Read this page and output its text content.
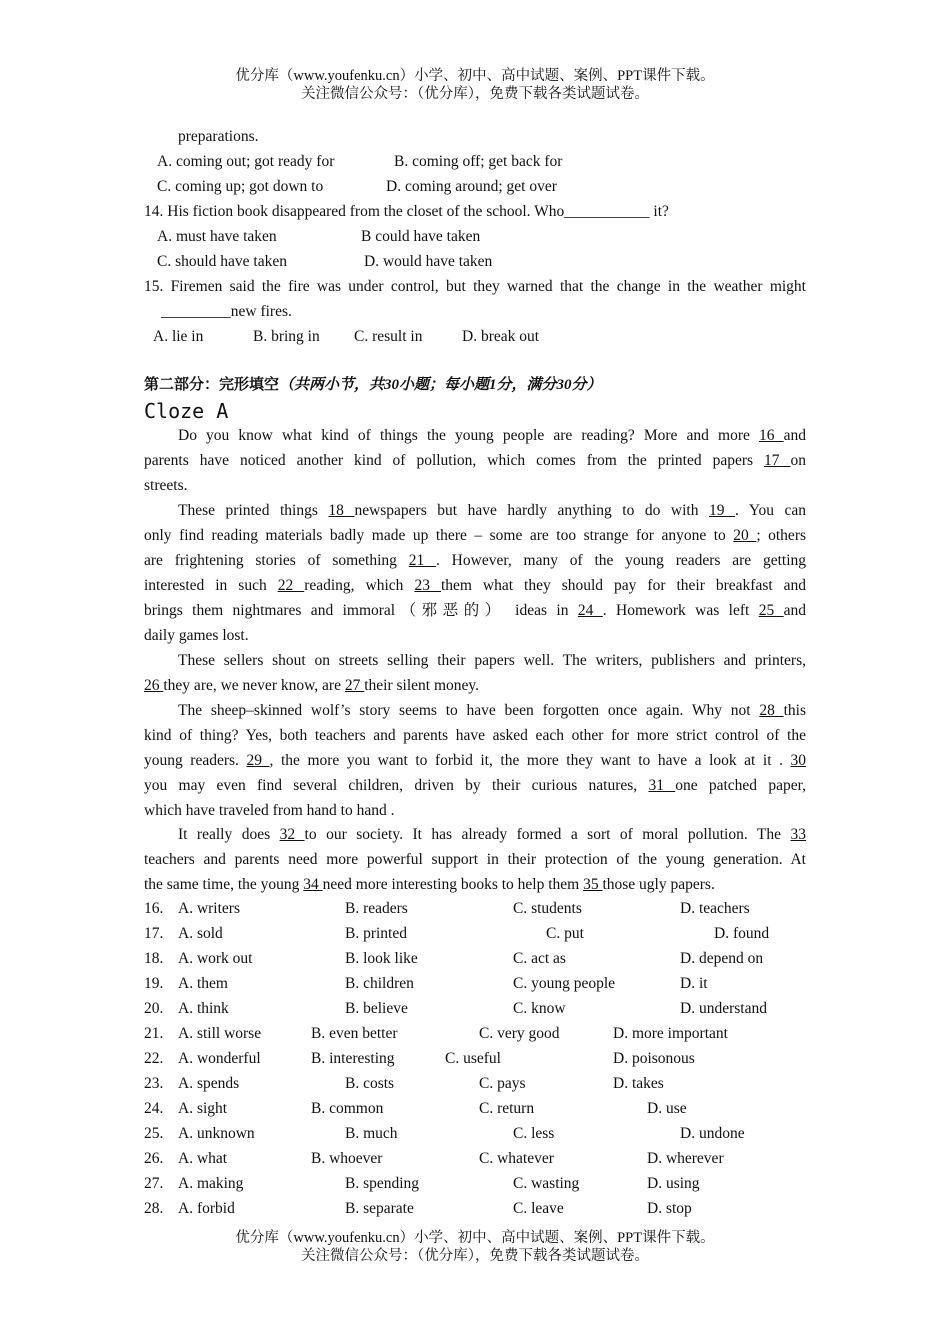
优分库（www.youfenku.cn）小学、初中、高中试题、案例、PPT课件下载。
关注微信公众号：（优分库），免费下载各类试题试卷。
preparations.
A. coming out; got ready for	B. coming off; get back for
C. coming up; got down to	D. coming around; get over
14. His fiction book disappeared from the closet of the school. Who___________ it?
A. must have taken	B could have taken
C. should have taken	D. would have taken
15. Firemen said the fire was under control, but they warned that the change in the weather might
_________new fires.
A. lie in	B. bring in C. result in	D. break out
第二部分：完形填空（共两小节，共30小题；每小题1分，满分30分）
Cloze A
Do you know what kind of things the young people are reading? More and more 16 and
parents have noticed another kind of pollution, which comes from the printed papers 17 on
streets.
These printed things 18 newspapers but have hardly anything to do with 19 . You can
only find reading materials badly made up there – some are too strange for anyone to 20 ; others
are frightening stories of something 21 . However, many of the young readers are getting
interested in such 22 reading, which 23 them what they should pay for their breakfast and
brings them nightmares and immoral（邪恶的） ideas in 24 . Homework was left 25 and
daily games lost.
These sellers shout on streets selling their papers well. The writers, publishers and printers,
26 they are, we never know, are 27 their silent money.
The sheep–skinned wolf’s story seems to have been forgotten once again. Why not 28 this
kind of thing? Yes, both teachers and parents have asked each other for more strict control of the
young readers. 29 , the more you want to forbid it, the more they want to have a look at it . 30
you may even find several children, driven by their curious natures, 31 one patched paper,
which have traveled from hand to hand .
It really does 32 to our society. It has already formed a sort of moral pollution. The 33
teachers and parents need more powerful support in their protection of the young generation. At
the same time, the young 34 need more interesting books to help them 35 those ugly papers.
16. A. writers	B. readers	C. students	D. teachers
17. A. sold	B. printed	C. put	D. found
18. A. work out	B. look like	C. act as	D. depend on
19. A. them	B. children	C. young people	D. it
20. A. think	B. believe	C. know	D. understand
21. A. still worse	B. even better	C. very good	D. more important
22. A. wonderful	B. interesting	C. useful	D. poisonous
23. A. spends	B. costs	C. pays	D. takes
24. A. sight	B. common	C. return	D. use
25. A. unknown	B. much	C. less	D. undone
26. A. what	B. whoever	C. whatever	D. wherever
27. A. making	B. spending	C. wasting	D. using
28. A. forbid	B. separate	C. leave	D. stop
优分库（www.youfenku.cn）小学、初中、高中试题、案例、PPT课件下载。
关注微信公众号：（优分库），免费下载各类试题试卷。
